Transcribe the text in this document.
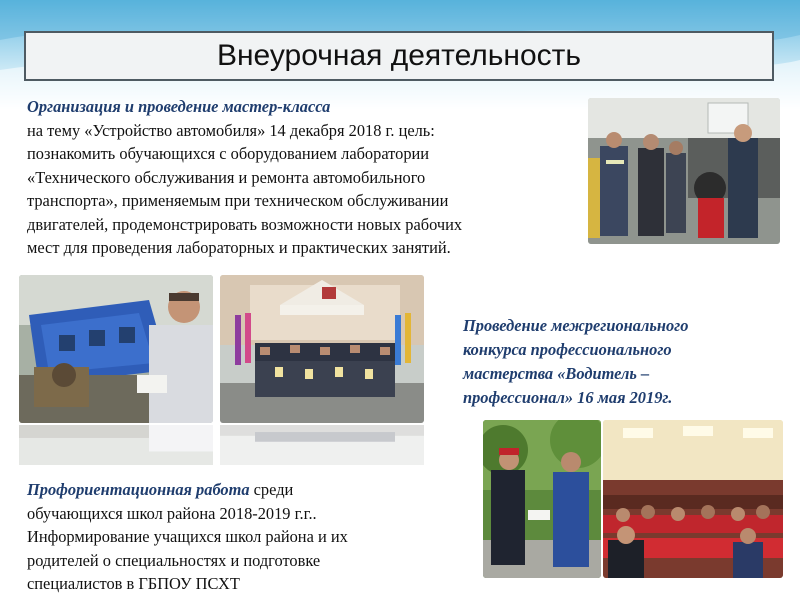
Внеурочная деятельность
Организация и проведение мастер-класса
на тему «Устройство автомобиля» 14 декабря 2018 г. цель:
познакомить обучающихся с оборудованием лаборатории
«Технического обслуживания и ремонта автомобильного
транспорта», применяемым при техническом обслуживании
двигателей, продемонстрировать возможности новых рабочих
мест для проведения лабораторных и практических занятий.
Проведение межрегионального
конкурса профессионального
мастерства «Водитель –
профессионал» 16 мая 2019г.
Профориентационная работа среди
обучающихся школ района 2018-2019 г.г..
Информирование учащихся школ района и их
родителей о специальностях и подготовке
специалистов в ГБПОУ ПСХТ
